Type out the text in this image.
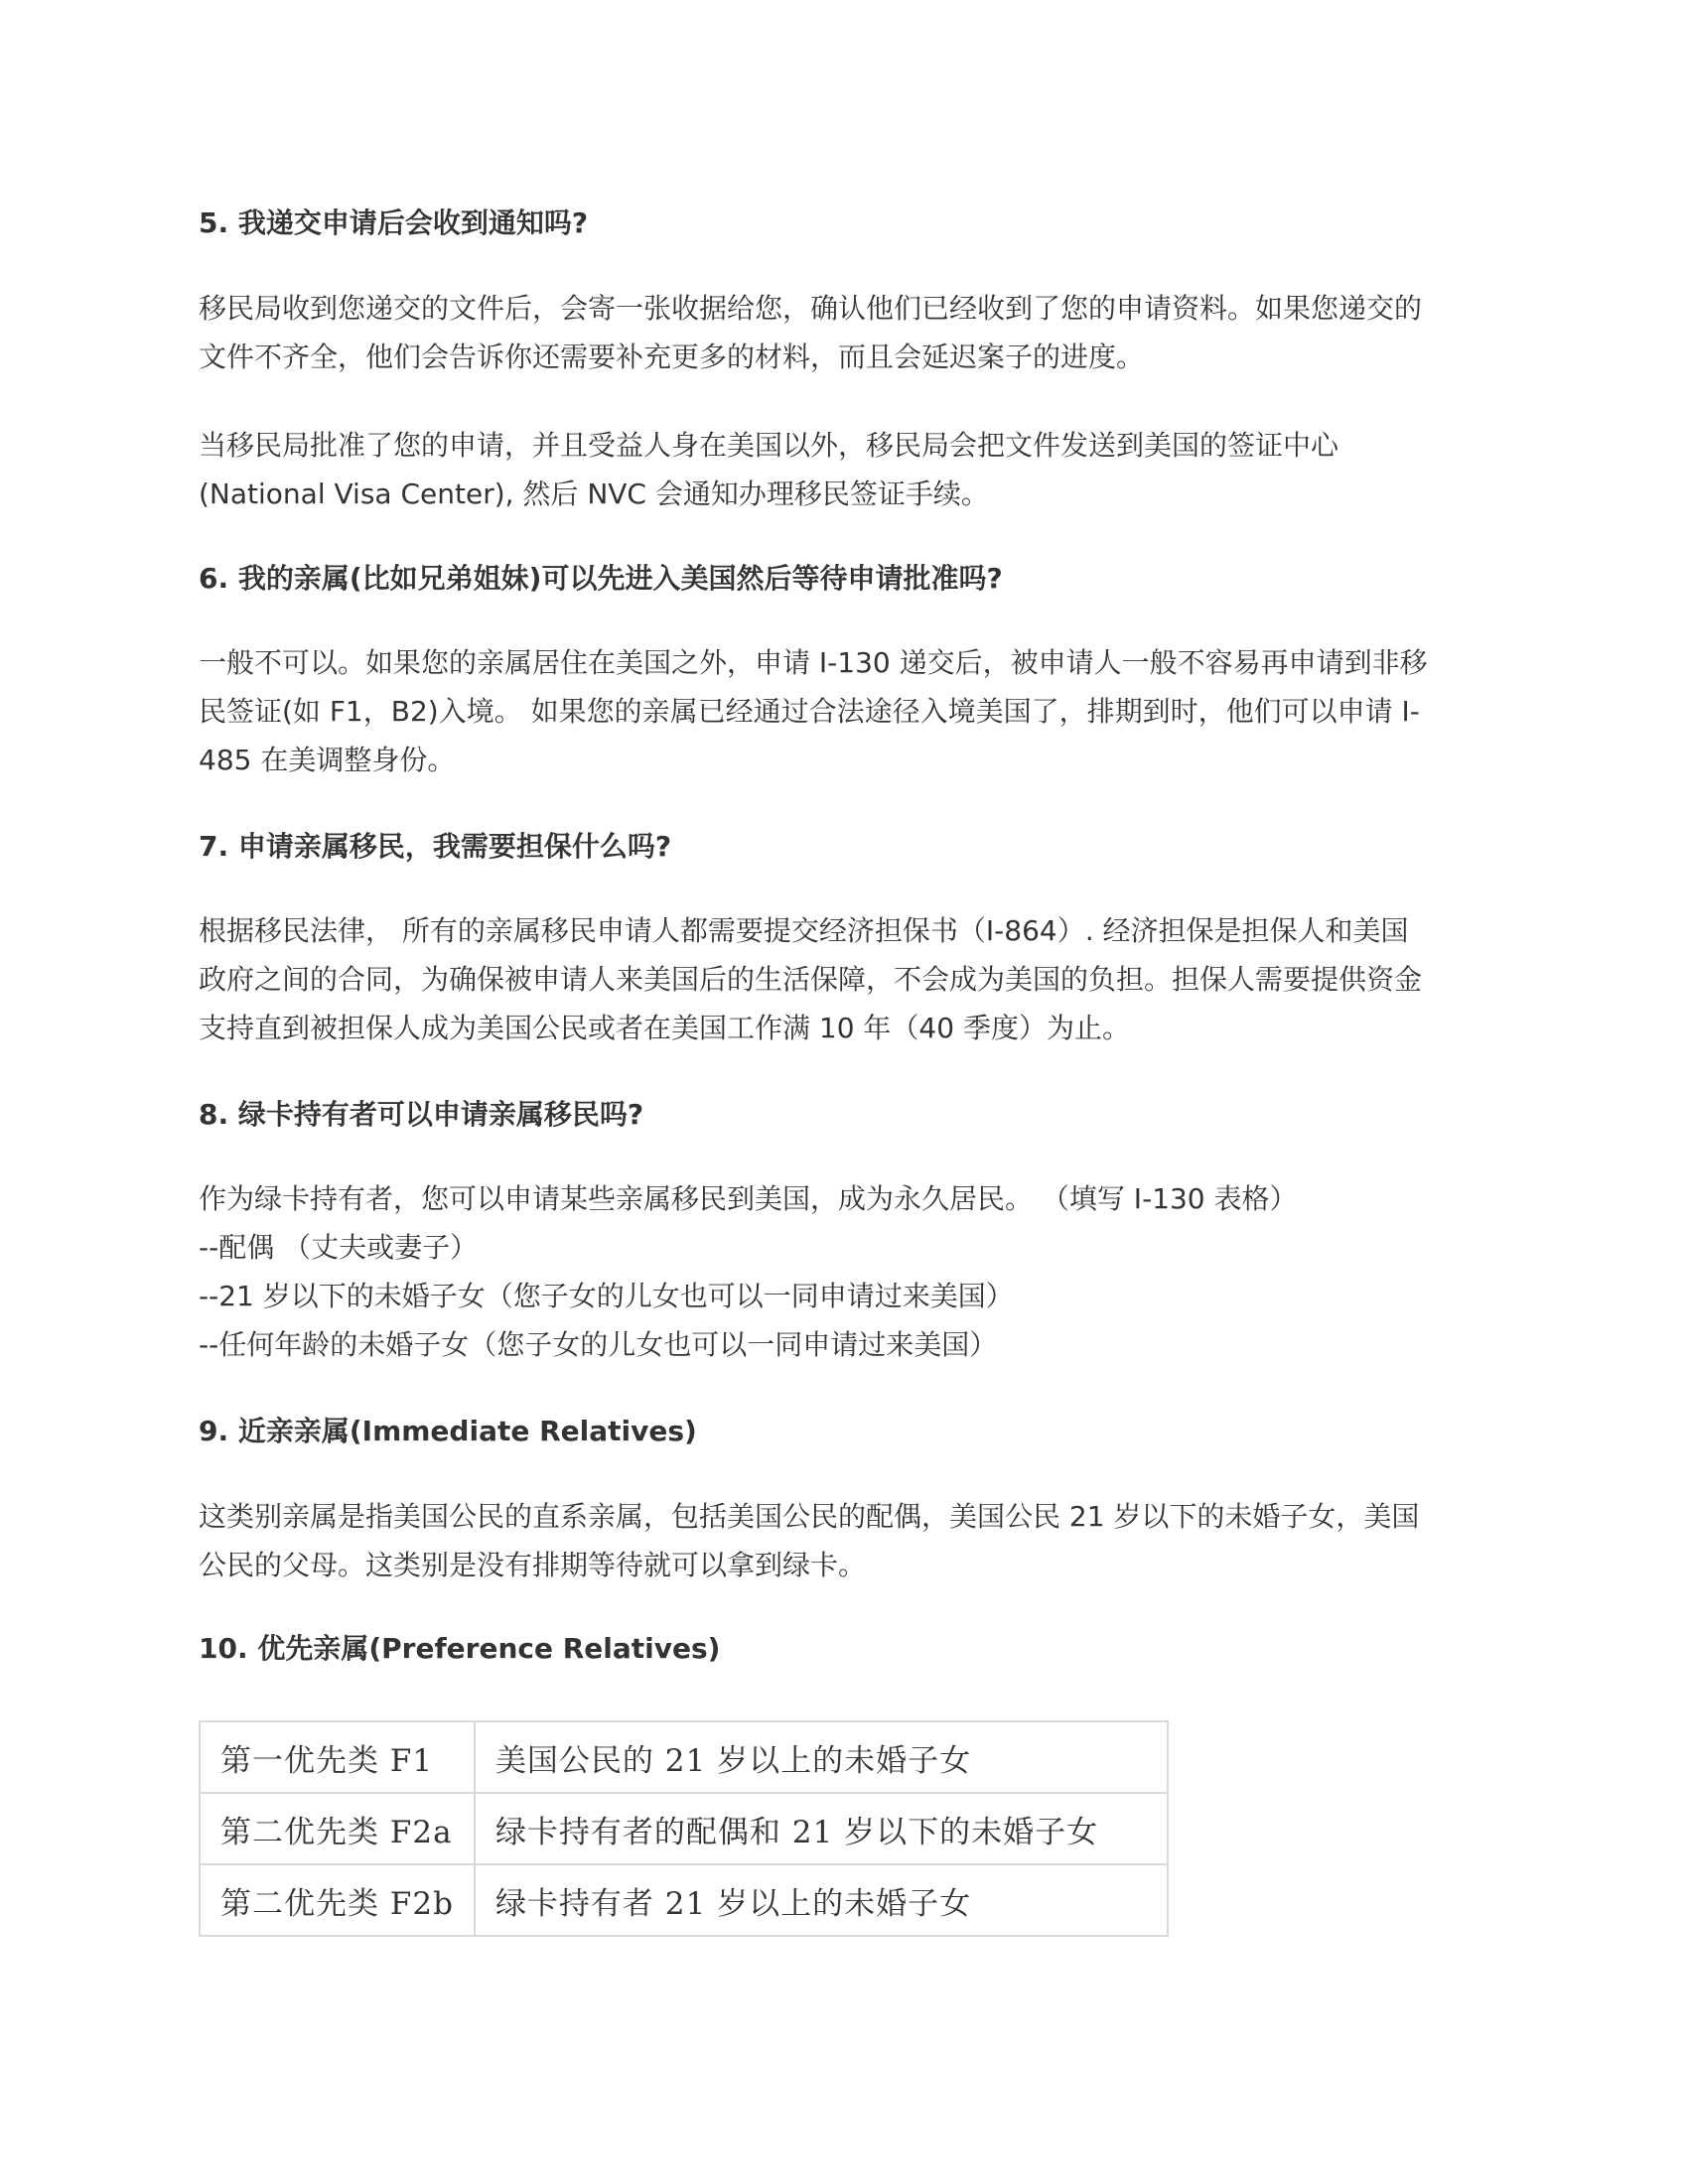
5. 我递交申请后会收到通知吗?
移民局收到您递交的文件后，会寄一张收据给您，确认他们已经收到了您的申请资料。如果您递交的
文件不齐全，他们会告诉你还需要补充更多的材料，而且会延迟案子的进度。
当移民局批准了您的申请，并且受益人身在美国以外，移民局会把文件发送到美国的签证中心
(National Visa Center), 然后 NVC 会通知办理移民签证手续。
6. 我的亲属(比如兄弟姐妹)可以先进入美国然后等待申请批准吗?
一般不可以。如果您的亲属居住在美国之外，申请 I-130 递交后，被申请人一般不容易再申请到非移
民签证(如 F1，B2)入境。 如果您的亲属已经通过合法途径入境美国了，排期到时，他们可以申请 I-
485 在美调整身份。
7. 申请亲属移民，我需要担保什么吗?
根据移民法律， 所有的亲属移民申请人都需要提交经济担保书（I-864）. 经济担保是担保人和美国
政府之间的合同，为确保被申请人来美国后的生活保障，不会成为美国的负担。担保人需要提供资金
支持直到被担保人成为美国公民或者在美国工作满 10 年（40 季度）为止。
8. 绿卡持有者可以申请亲属移民吗?
作为绿卡持有者，您可以申请某些亲属移民到美国，成为永久居民。 （填写 I-130 表格）
--配偶 （丈夫或妻子）
--21 岁以下的未婚子女（您子女的儿女也可以一同申请过来美国）
--任何年龄的未婚子女（您子女的儿女也可以一同申请过来美国）
9. 近亲亲属(Immediate Relatives)
这类别亲属是指美国公民的直系亲属，包括美国公民的配偶，美国公民 21 岁以下的未婚子女，美国
公民的父母。这类别是没有排期等待就可以拿到绿卡。
10. 优先亲属(Preference Relatives)
第一优先类 F1	美国公民的 21 岁以上的未婚子女
第二优先类 F2a	绿卡持有者的配偶和 21 岁以下的未婚子女
第二优先类 F2b	绿卡持有者 21 岁以上的未婚子女
